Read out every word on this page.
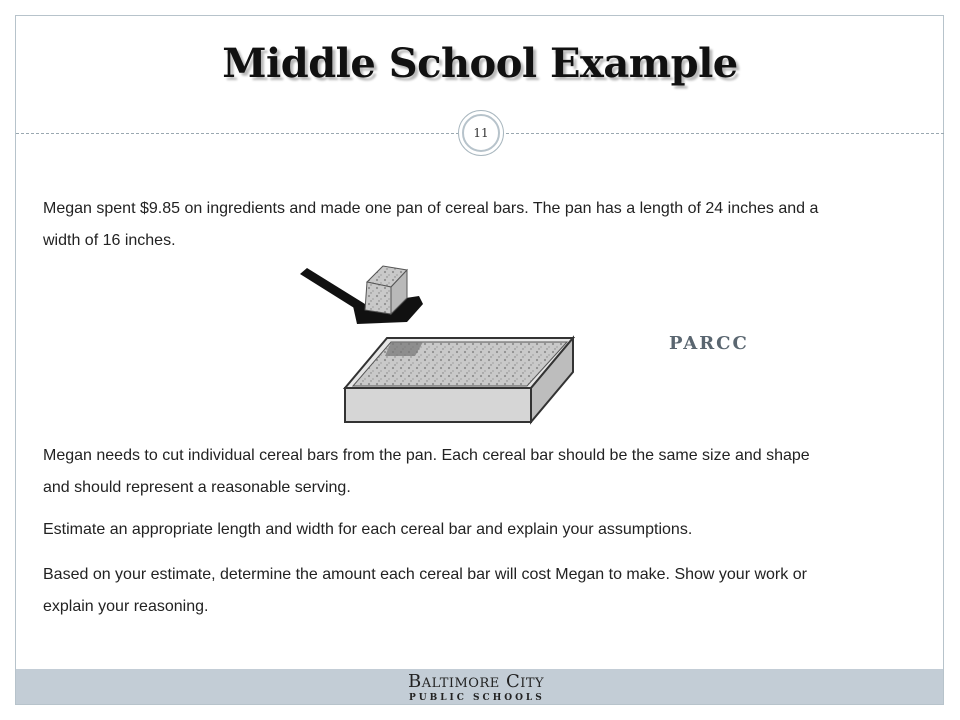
Middle School Example
11
Megan spent $9.85 on ingredients and made one pan of cereal bars. The pan has a length of 24 inches and a width of 16 inches.
PARCC
Megan needs to cut individual cereal bars from the pan. Each cereal bar should be the same size and shape and should represent a reasonable serving.
Estimate an appropriate length and width for each cereal bar and explain your assumptions.
Based on your estimate, determine the amount each cereal bar will cost Megan to make. Show your work or explain your reasoning.
Baltimore City
PUBLIC SCHOOLS
